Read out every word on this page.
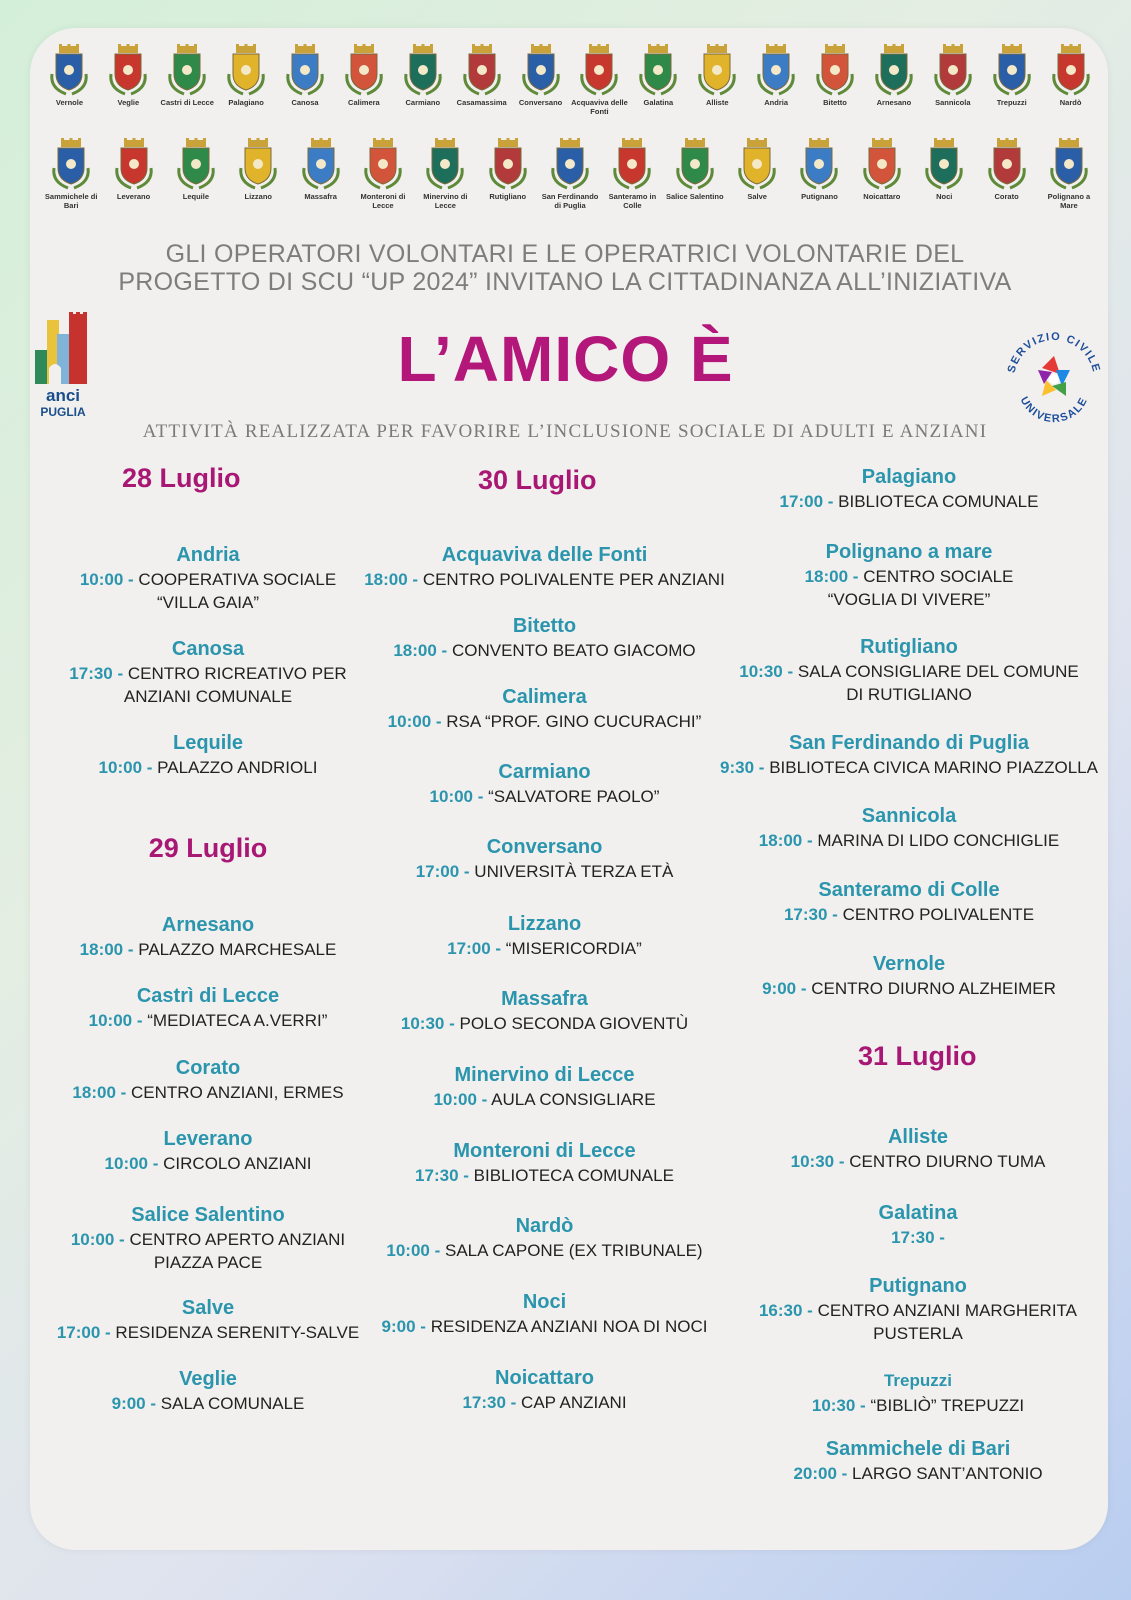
Vernole	Veglie	Castri di Lecce Palagiano	Canosa	Calimera	Carmiano Casamassima Conversano Acquaviva delle Fonti
Galatina	Alliste	Andria	Bitetto	Arnesano	Sannicola	Trepuzzi	Nardò
Sammichele di Bari
Leverano	Lequile	Lizzano	Massafra	Monteroni di Lecce
Minervino di Lecce
Rutigliano	San Ferdinando di Puglia
Santeramo in Colle
Salice Salentino	Salve	Putignano	Noicattaro	Noci	Corato	Polignano a Mare
GLI OPERATORI VOLONTARI E LE OPERATRICI VOLONTARIE DEL
PROGETTO DI SCU “UP 2024” INVITANO LA CITTADINANZA ALL’INIZIATIVA
anci
PUGLIA
L’AMICO È	SERVIZIO CIVILE
UNIVERSALE
ATTIVITÀ REALIZZATA PER FAVORIRE L’INCLUSIONE SOCIALE DI ADULTI E ANZIANI
28 Luglio
Andria
10:00 - COOPERATIVA SOCIALE
“VILLA GAIA”
Canosa
17:30 - CENTRO RICREATIVO PER
ANZIANI COMUNALE
Lequile
10:00 - PALAZZO ANDRIOLI
29 Luglio
Arnesano
18:00 - PALAZZO MARCHESALE
Castrì di Lecce
10:00 - “MEDIATECA A.VERRI”
Corato
18:00 - CENTRO ANZIANI, ERMES
Leverano
10:00 - CIRCOLO ANZIANI
Salice Salentino
10:00 - CENTRO APERTO ANZIANI
PIAZZA PACE
Salve
17:00 - RESIDENZA SERENITY-SALVE
Veglie
9:00 - SALA COMUNALE
30 Luglio
Acquaviva delle Fonti
18:00 - CENTRO POLIVALENTE PER ANZIANI
Bitetto
18:00 - CONVENTO BEATO GIACOMO
Calimera
10:00 - RSA “PROF. GINO CUCURACHI”
Carmiano
10:00 - “SALVATORE PAOLO”
Conversano
17:00 - UNIVERSITÀ TERZA ETÀ
Lizzano
17:00 - “MISERICORDIA”
Massafra
10:30 - POLO SECONDA GIOVENTÙ
Minervino di Lecce
10:00 - AULA CONSIGLIARE
Monteroni di Lecce
17:30 - BIBLIOTECA COMUNALE
Nardò
10:00 - SALA CAPONE (EX TRIBUNALE)
Noci
9:00 - RESIDENZA ANZIANI NOA DI NOCI
Noicattaro
17:30 - CAP ANZIANI
Palagiano
17:00 - BIBLIOTECA COMUNALE
Polignano a mare
18:00 - CENTRO SOCIALE
“VOGLIA DI VIVERE”
Rutigliano
10:30 - SALA CONSIGLIARE DEL COMUNE
DI RUTIGLIANO
San Ferdinando di Puglia
9:30 - BIBLIOTECA CIVICA MARINO PIAZZOLLA
Sannicola
18:00 - MARINA DI LIDO CONCHIGLIE
Santeramo di Colle
17:30 - CENTRO POLIVALENTE
Vernole
9:00 - CENTRO DIURNO ALZHEIMER
31 Luglio
Alliste
10:30 - CENTRO DIURNO TUMA
Galatina
17:30 -
Putignano
16:30 - CENTRO ANZIANI MARGHERITA
PUSTERLA
Trepuzzi
10:30 - “BIBLIÒ” TREPUZZI
Sammichele di Bari
20:00 - LARGO SANT’ANTONIO
